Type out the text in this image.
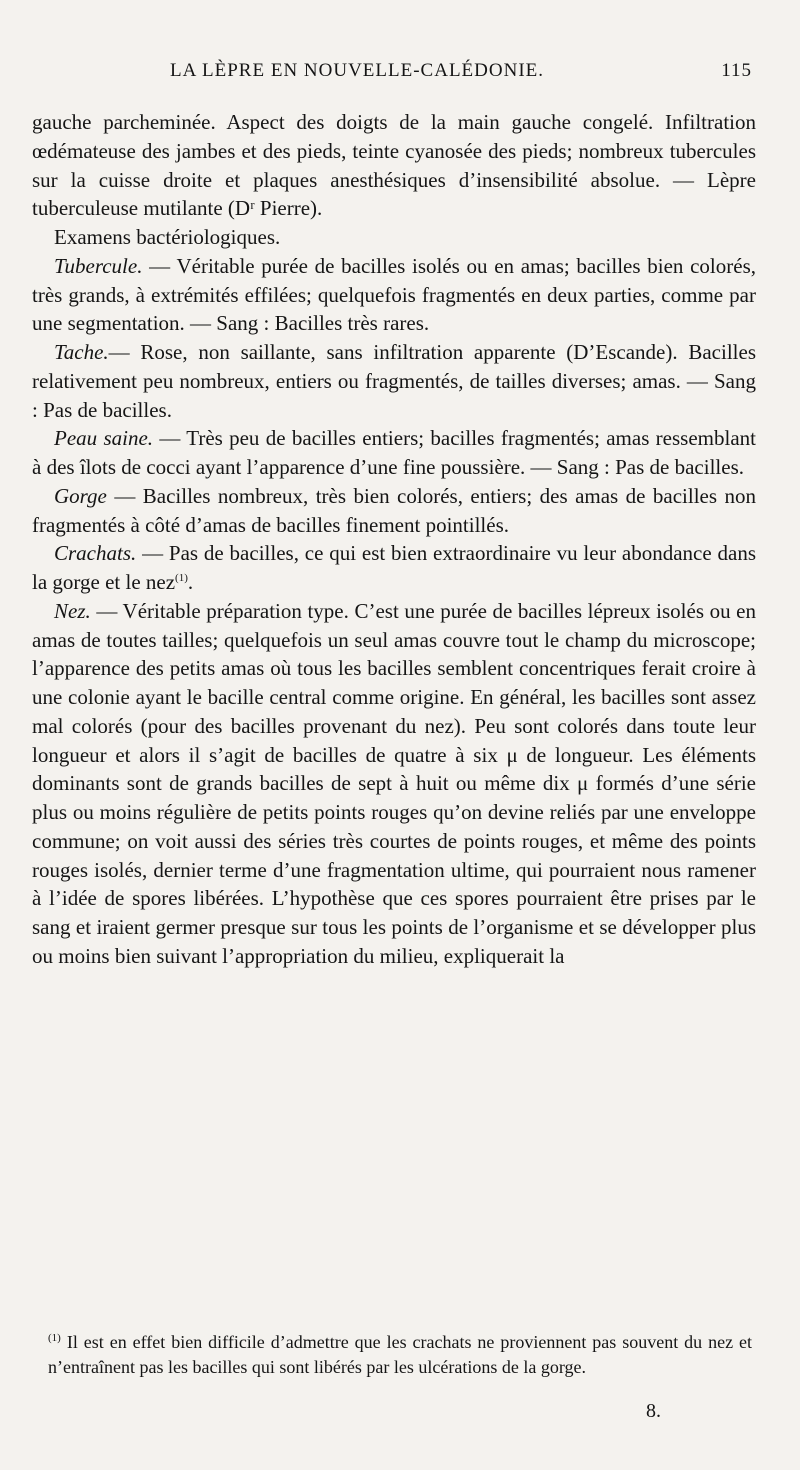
LA LÈPRE EN NOUVELLE-CALÉDONIE.	115

gauche parcheminée. Aspect des doigts de la main gauche congelé. Infiltration œdémateuse des jambes et des pieds, teinte cyanosée des pieds; nombreux tubercules sur la cuisse droite et plaques anesthésiques d’insensibilité absolue. — Lèpre tuberculeuse mutilante (Dʳ Pierre).

Examens bactériologiques.

Tubercule. — Véritable purée de bacilles isolés ou en amas; bacilles bien colorés, très grands, à extrémités effilées; quelquefois fragmentés en deux parties, comme par une segmentation. — Sang : Bacilles très rares.

Tache.— Rose, non saillante, sans infiltration apparente (D’Escande). Bacilles relativement peu nombreux, entiers ou fragmentés, de tailles diverses; amas. — Sang : Pas de bacilles.

Peau saine. — Très peu de bacilles entiers; bacilles fragmentés; amas ressemblant à des îlots de cocci ayant l’apparence d’une fine poussière. — Sang : Pas de bacilles.

Gorge — Bacilles nombreux, très bien colorés, entiers; des amas de bacilles non fragmentés à côté d’amas de bacilles finement pointillés.

Crachats. — Pas de bacilles, ce qui est bien extraordinaire vu leur abondance dans la gorge et le nez$^{(1)}$.

Nez. — Véritable préparation type. C’est une purée de bacilles lépreux isolés ou en amas de toutes tailles; quelquefois un seul amas couvre tout le champ du microscope; l’apparence des petits amas où tous les bacilles semblent concentriques ferait croire à une colonie ayant le bacille central comme origine. En général, les bacilles sont assez mal colorés (pour des bacilles provenant du nez). Peu sont colorés dans toute leur longueur et alors il s’agit de bacilles de quatre à six μ de longueur. Les éléments dominants sont de grands bacilles de sept à huit ou même dix μ formés d’une série plus ou moins régulière de petits points rouges qu’on devine reliés par une enveloppe commune; on voit aussi des séries très courtes de points rouges, et même des points rouges isolés, dernier terme d’une fragmentation ultime, qui pourraient nous ramener à l’idée de spores libérées. L’hypothèse que ces spores pourraient être prises par le sang et iraient germer presque sur tous les points de l’organisme et se développer plus ou moins bien suivant l’appropriation du milieu, expliquerait la

$^{(1)}$ Il est en effet bien difficile d’admettre que les crachats ne proviennent pas souvent du nez et n’entraînent pas les bacilles qui sont libérés par les ulcérations de la gorge.
8.
